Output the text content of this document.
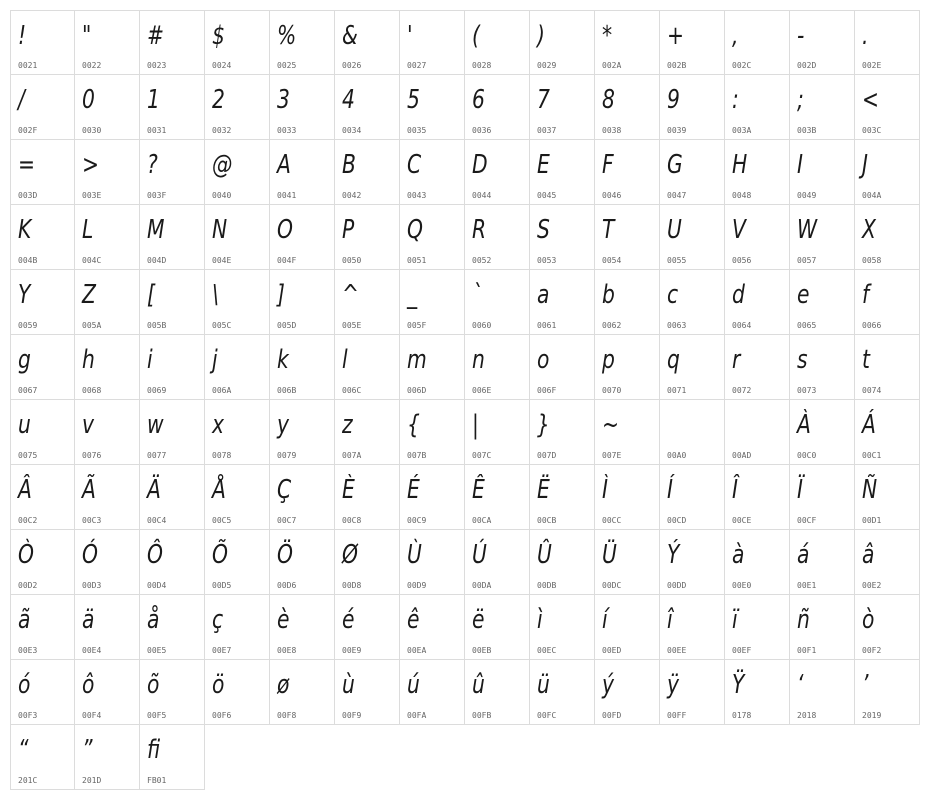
!
0021
"
0022
#
0023
$
0024
%
0025
&
0026
'
0027
(
0028
)
0029
*
002A
+
002B
,
002C
-
002D
.
002E
/
002F
0
0030
1
0031
2
0032
3
0033
4
0034
5
0035
6
0036
7
0037
8
0038
9
0039
:
003A
;
003B
<
003C
=
003D
>
003E
?
003F
@
0040
A
0041
B
0042
C
0043
D
0044
E
0045
F
0046
G
0047
H
0048
I
0049
J
004A
K
004B
L
004C
M
004D
N
004E
O
004F
P
0050
Q
0051
R
0052
S
0053
T
0054
U
0055
V
0056
W
0057
X
0058
Y
0059
Z
005A
[
005B
\
005C
]
005D
^
005E
_
005F
`
0060
a
0061
b
0062
c
0063
d
0064
e
0065
f
0066
g
0067
h
0068
i
0069
j
006A
k
006B
l
006C
m
006D
n
006E
o
006F
p
0070
q
0071
r
0072
s
0073
t
0074
u
0075
v
0076
w
0077
x
0078
y
0079
z
007A
{
007B
|
007C
}
007D
~
007E	00A0	00AD
À
00C0
Á
00C1
Â
00C2
Ã
00C3
Ä
00C4
Å
00C5
Ç
00C7
È
00C8
É
00C9
Ê
00CA
Ë
00CB
Ì
00CC
Í
00CD
Î
00CE
Ï
00CF
Ñ
00D1
Ò
00D2
Ó
00D3
Ô
00D4
Õ
00D5
Ö
00D6
Ø
00D8
Ù
00D9
Ú
00DA
Û
00DB
Ü
00DC
Ý
00DD
à
00E0
á
00E1
â
00E2
ã
00E3
ä
00E4
å
00E5
ç
00E7
è
00E8
é
00E9
ê
00EA
ë
00EB
ì
00EC
í
00ED
î
00EE
ï
00EF
ñ
00F1
ò
00F2
ó
00F3
ô
00F4
õ
00F5
ö
00F6
ø
00F8
ù
00F9
ú
00FA
û
00FB
ü
00FC
ý
00FD
ÿ
00FF
Ÿ
0178
‘
2018
’
2019
“
201C
”
201D
ﬁ
FB01
